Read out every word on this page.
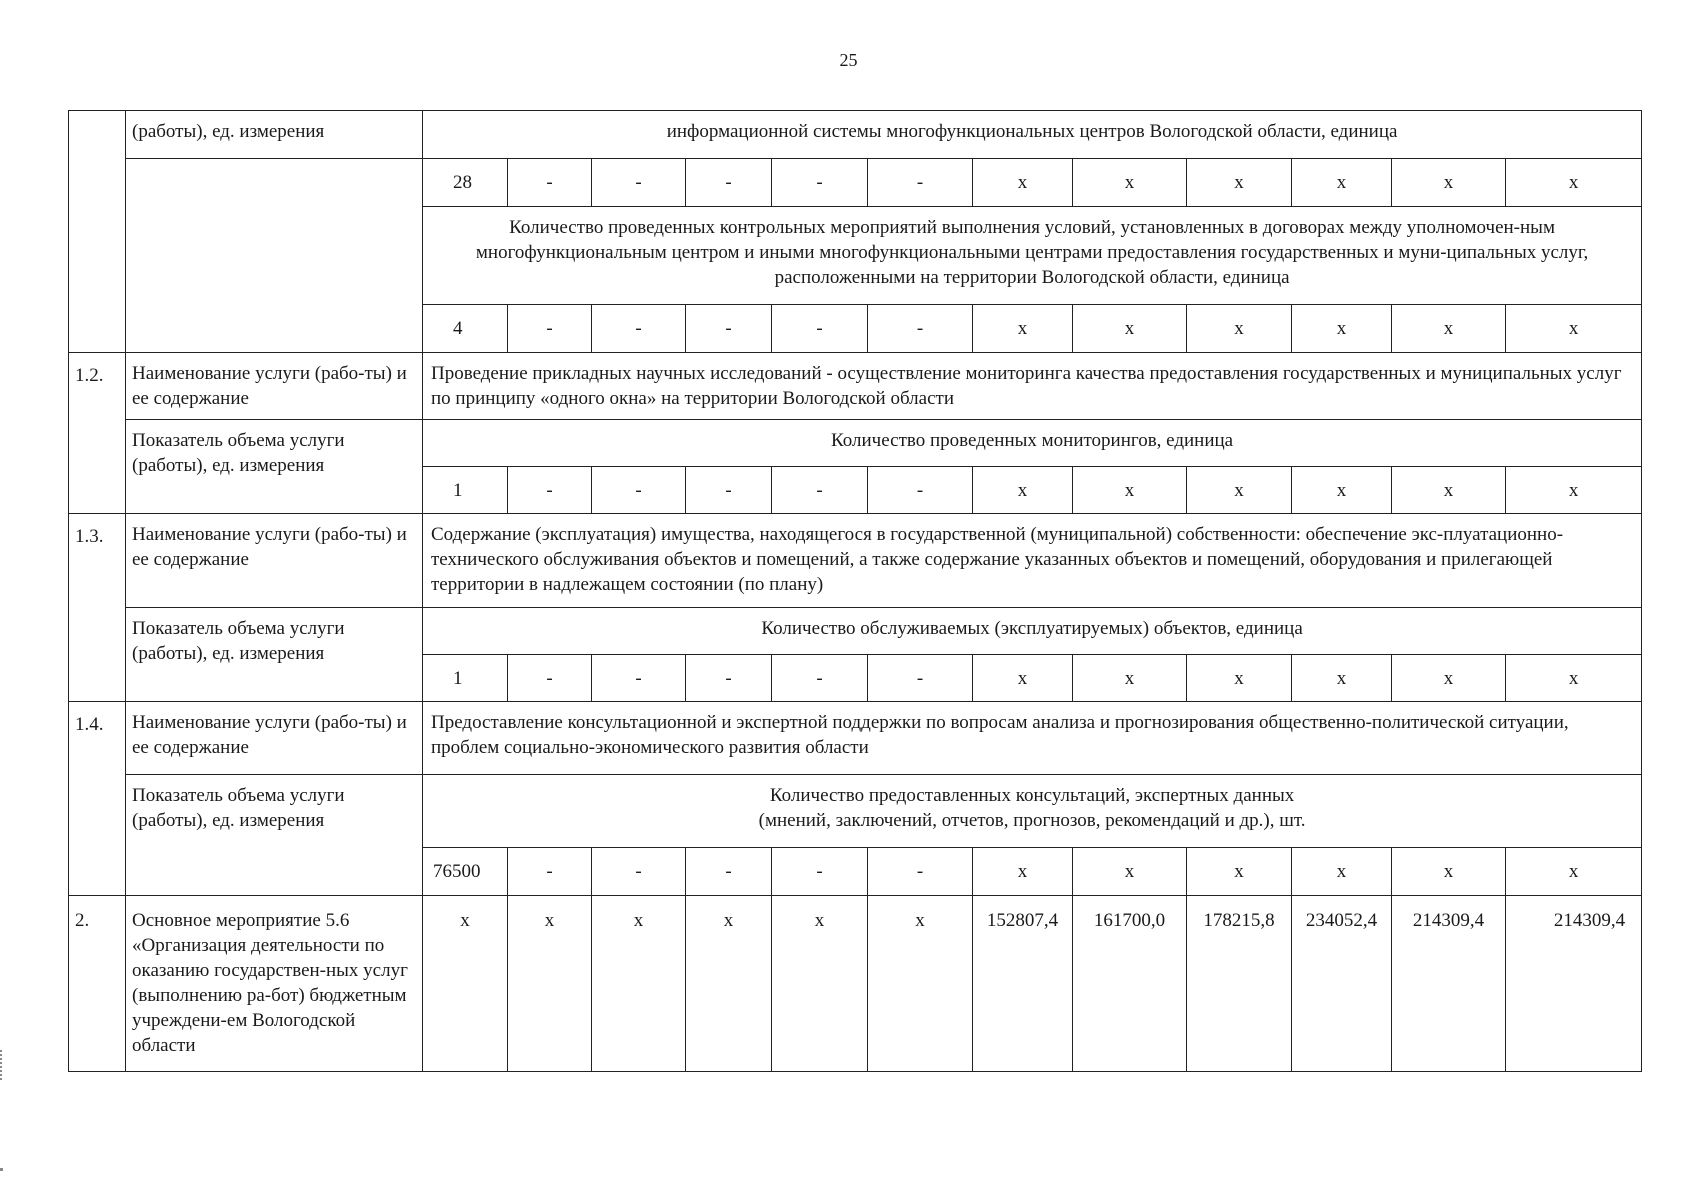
25
	(работы), ед. измерения	информационной системы многофункциональных центров Вологодской области, единица											
		28	-	-	-	-	-	х	х	х	х	х	х
		Количество проведенных контрольных мероприятий выполнения условий, установленных в договорах между уполномочен-ным многофункциональным центром и иными многофункциональными центрами предоставления государственных и муни-ципальных услуг, расположенными на территории Вологодской области, единица											
		4	-	-	-	-	-	х	х	х	х	х	х
1.2.	Наименование услуги (рабо-ты) и ее содержание	Проведение прикладных научных исследований - осуществление мониторинга качества предоставления государственных и муниципальных услуг по принципу «одного окна» на территории Вологодской области											
	Показатель объема услуги (работы), ед. измерения	Количество проведенных мониторингов, единица											
		1	-	-	-	-	-	х	х	х	х	х	х
1.3.	Наименование услуги (рабо-ты) и ее содержание	Содержание (эксплуатация) имущества, находящегося в государственной (муниципальной) собственности: обеспечение экс-плуатационно-технического обслуживания объектов и помещений, а также содержание указанных объектов и помещений, оборудования и прилегающей территории в надлежащем состоянии (по плану)											
	Показатель объема услуги (работы), ед. измерения	Количество обслуживаемых (эксплуатируемых) объектов, единица											
		1	-	-	-	-	-	х	х	х	х	х	х
1.4.	Наименование услуги (рабо-ты) и ее содержание	Предоставление консультационной и экспертной поддержки по вопросам анализа и прогнозирования общественно-политической ситуации, проблем социально-экономического развития области											
	Показатель объема услуги (работы), ед. измерения	Количество предоставленных консультаций, экспертных данных
(мнений, заключений, отчетов, прогнозов, рекомендаций и др.), шт.											

		76500	-	-	-	-	-	х	х	х	х	х	х
2.	Основное мероприятие 5.6 «Организация деятельности по оказанию государствен-ных услуг (выполнению ра-бот) бюджетным учреждени-ем Вологодской области	х	х	х	х	х	х	152807,4	161700,0	178215,8	234052,4	214309,4	214309,4
